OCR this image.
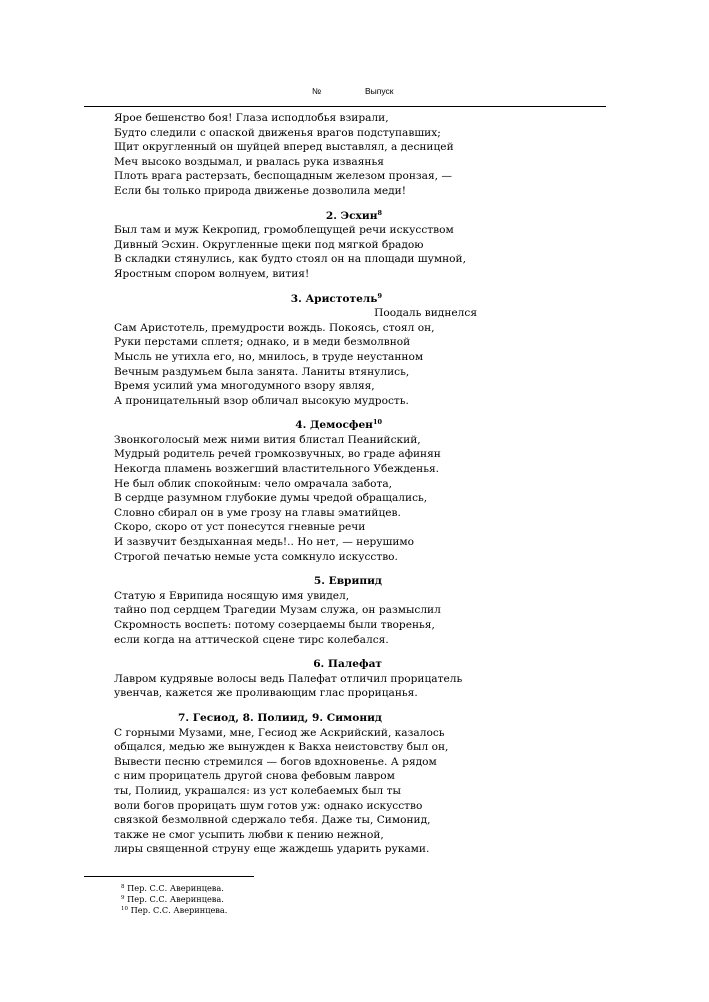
№	Выпуск
Ярое бешенство боя! Глаза исподлобья взирали,
Будто следили с опаской движенья врагов подступавших;
Щит округленный он шуйцей вперед выставлял, а десницей
Меч высоко воздымал, и рвалась рука изваянья
Плоть врага растерзать, беспощадным железом пронзая, —
Если бы только природа движенье дозволила меди!
2. Эсхин$^8$
Был там и муж Кекропид, громоблещущей речи искусством
Дивный Эсхин. Округленные щеки под мягкой брадою
В складки стянулись, как будто стоял он на площади шумной,
Яростным спором волнуем, вития!
3. Аристотель$^9$
Поодаль виднелся
Сам Аристотель, премудрости вождь. Покоясь, стоял он,
Руки перстами сплетя; однако, и в меди безмолвной
Мысль не утихла его, но, мнилось, в труде неустанном
Вечным раздумьем была занята. Ланиты втянулись,
Время усилий ума многодумного взору являя,
А проницательный взор обличал высокую мудрость.
4. Демосфен$^{10}$
Звонкоголосый меж ними вития блистал Пеанийский,
Мудрый родитель речей громкозвучных, во граде афинян
Некогда пламень возжегший властительного Убежденья.
Не был облик спокойным: чело омрачала забота,
В сердце разумном глубокие думы чредой обращались,
Словно сбирал он в уме грозу на главы эматийцев.
Скоро, скоро от уст понесутся гневные речи
И зазвучит бездыханная медь!.. Но нет, — нерушимо
Строгой печатью немые уста сомкнуло искусство.
5. Еврипид
Статую я Еврипида носящую имя увидел,
тайно под сердцем Трагедии Музам служа, он размыслил
Скромность воспеть: потому созерцаемы были творенья,
если когда на аттической сцене тирс колебался.
6. Палефат
Лавром кудрявые волосы ведь Палефат отличил прорицатель
увенчав, кажется же проливающим глас прорицанья.
7. Гесиод, 8. Полиид, 9. Симонид
С горными Музами, мне, Гесиод же Аскрийский, казалось
общался, медью же вынужден к Вакха неистовству был он,
Вывести песню стремился — богов вдохновенье. А рядом
с ним прорицатель другой снова фебовым лавром
ты, Полиид, украшался: из уст колебаемых был ты
воли богов прорицать шум готов уж: однако искусство
связкой безмолвной сдержало тебя. Даже ты, Симонид,
также не смог усыпить любви к пению нежной,
лиры священной струну еще жаждешь ударить руками.
$^8$ Пер. С.С. Аверинцева.
$^9$ Пер. С.С. Аверинцева.
$^{10}$ Пер. С.С. Аверинцева.
